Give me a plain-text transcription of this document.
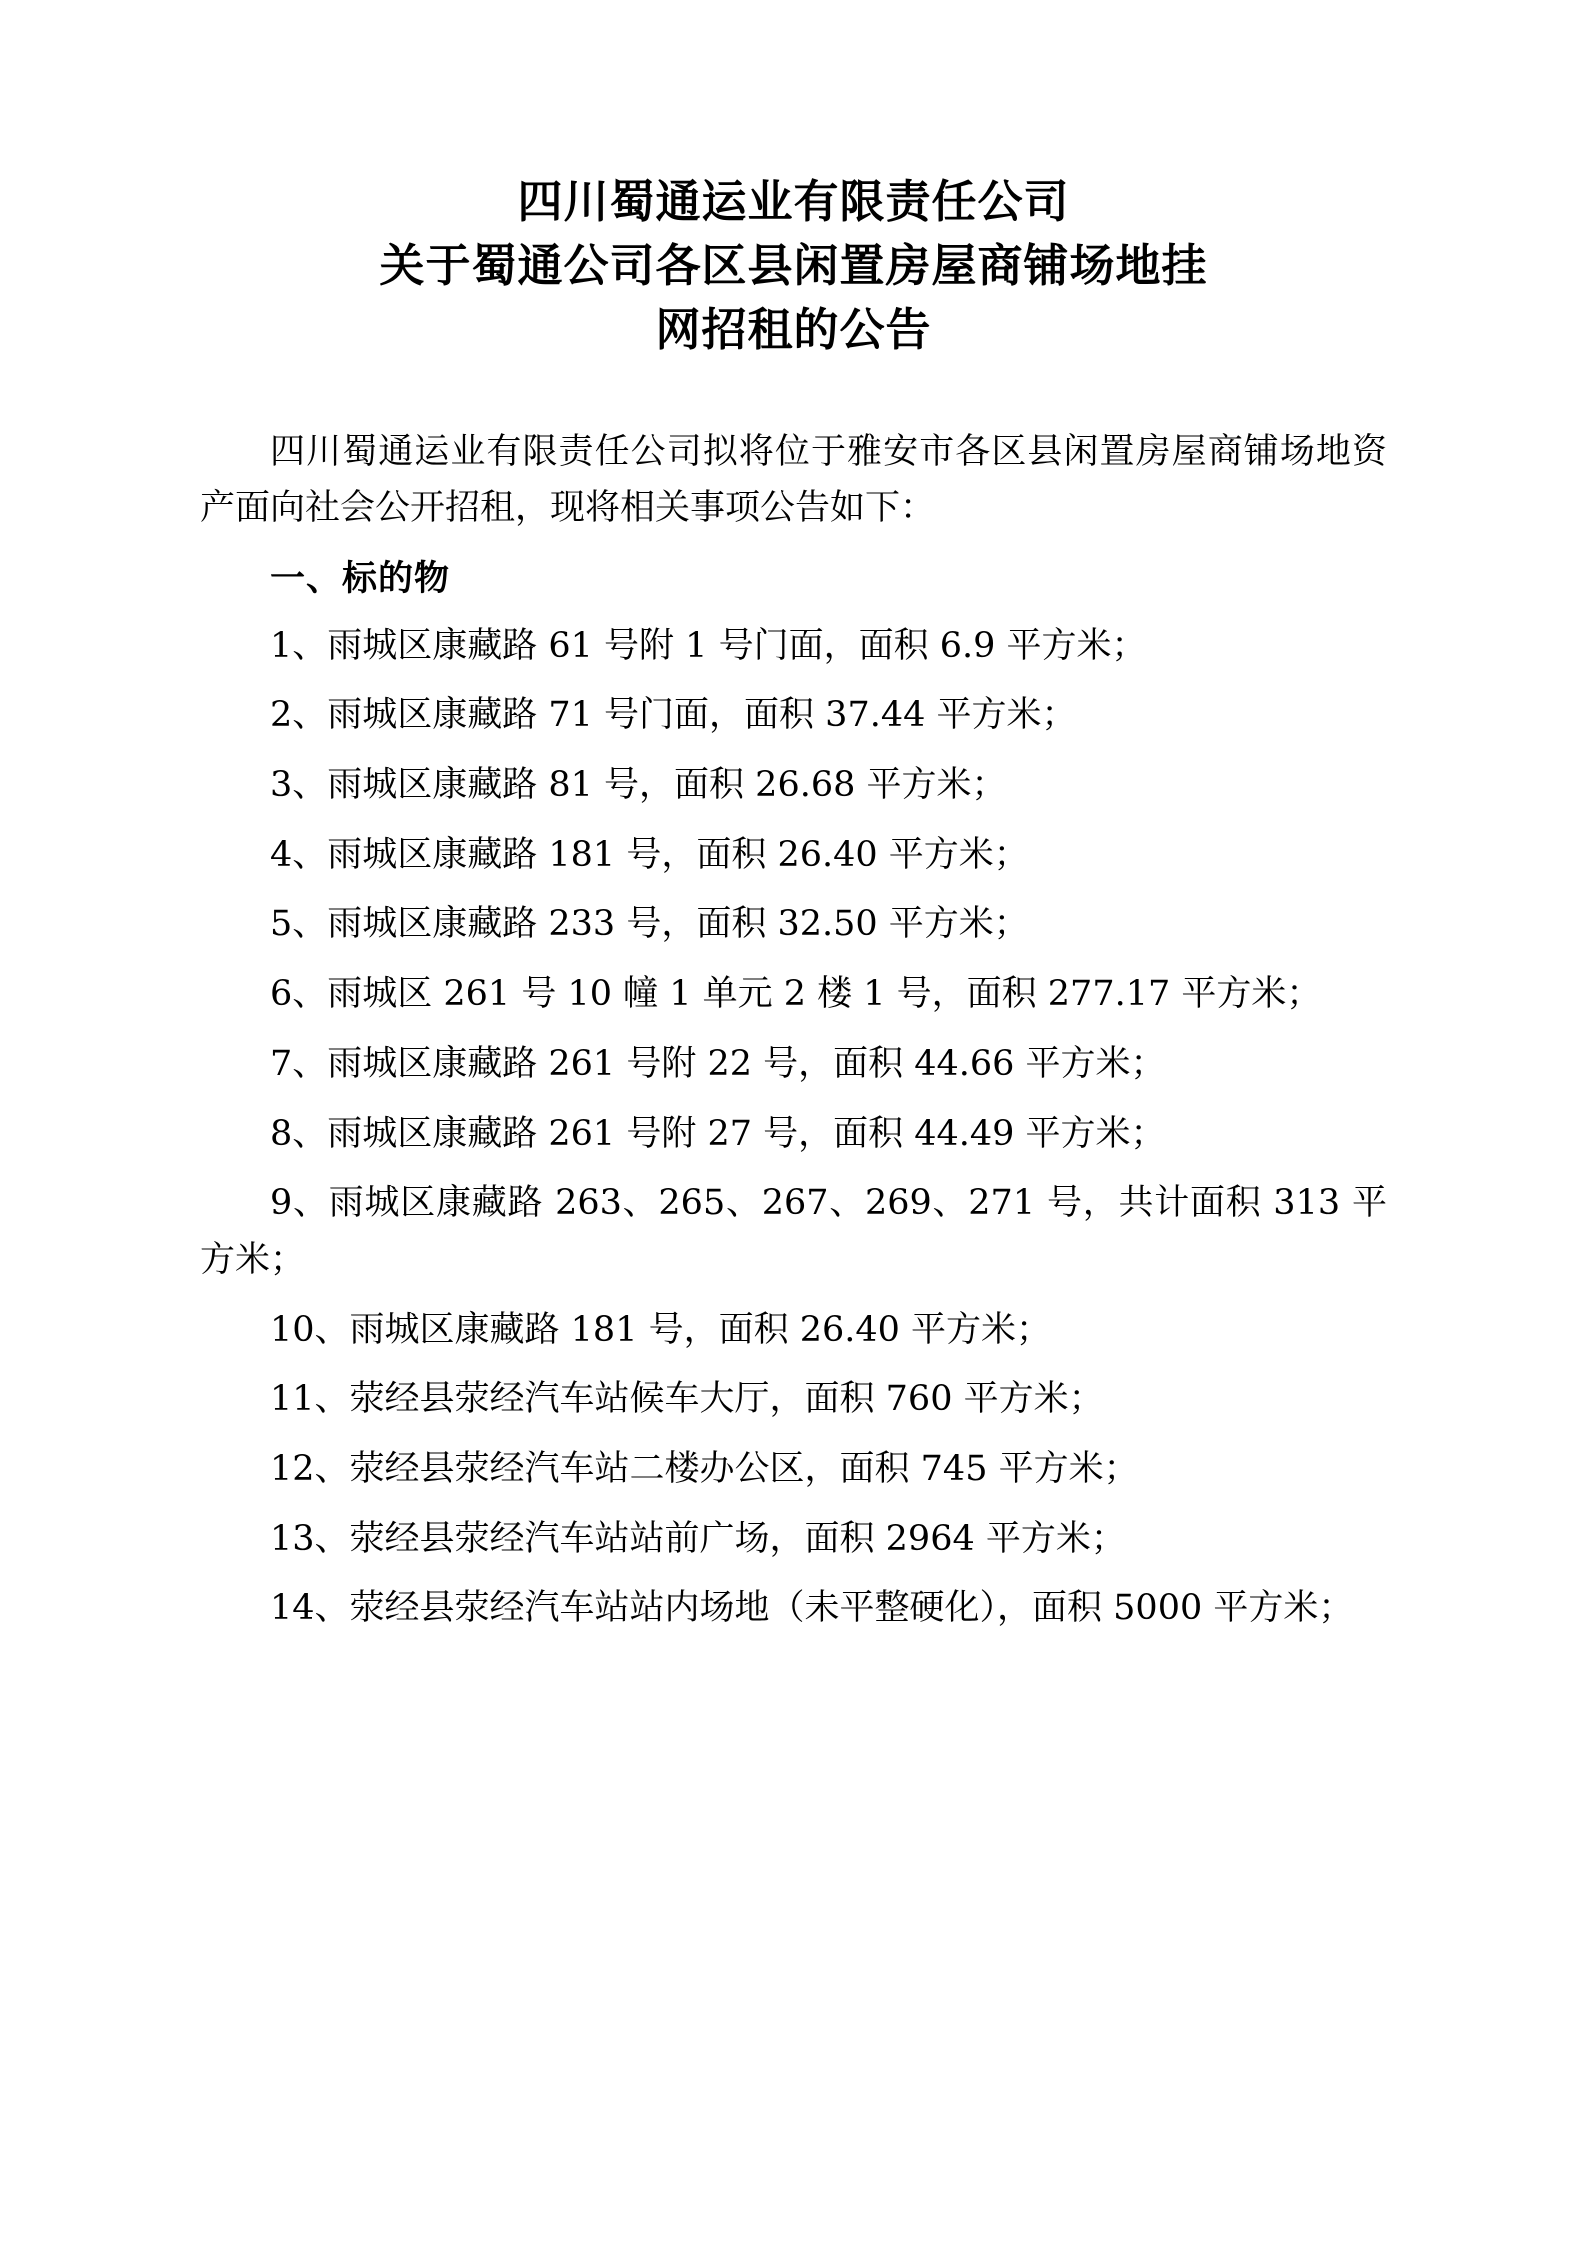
四川蜀通运业有限责任公司
关于蜀通公司各区县闲置房屋商铺场地挂
网招租的公告

四川蜀通运业有限责任公司拟将位于雅安市各区县闲置房屋商铺场地资产面向社会公开招租，现将相关事项公告如下：

一、标的物
1、雨城区康藏路 61 号附 1 号门面，面积 6.9 平方米；
2、雨城区康藏路 71 号门面，面积 37.44 平方米；
3、雨城区康藏路 81 号，面积 26.68 平方米；
4、雨城区康藏路 181 号，面积 26.40 平方米；
5、雨城区康藏路 233 号，面积 32.50 平方米；
6、雨城区 261 号 10 幢 1 单元 2 楼 1 号，面积 277.17 平方米；
7、雨城区康藏路 261 号附 22 号，面积 44.66 平方米；
8、雨城区康藏路 261 号附 27 号，面积 44.49 平方米；
9、雨城区康藏路 263、265、267、269、271 号，共计面积 313 平方米；
10、雨城区康藏路 181 号，面积 26.40 平方米；
11、荥经县荥经汽车站候车大厅，面积 760 平方米；
12、荥经县荥经汽车站二楼办公区，面积 745 平方米；
13、荥经县荥经汽车站站前广场，面积 2964 平方米；
14、荥经县荥经汽车站站内场地（未平整硬化），面积 5000 平方米；
